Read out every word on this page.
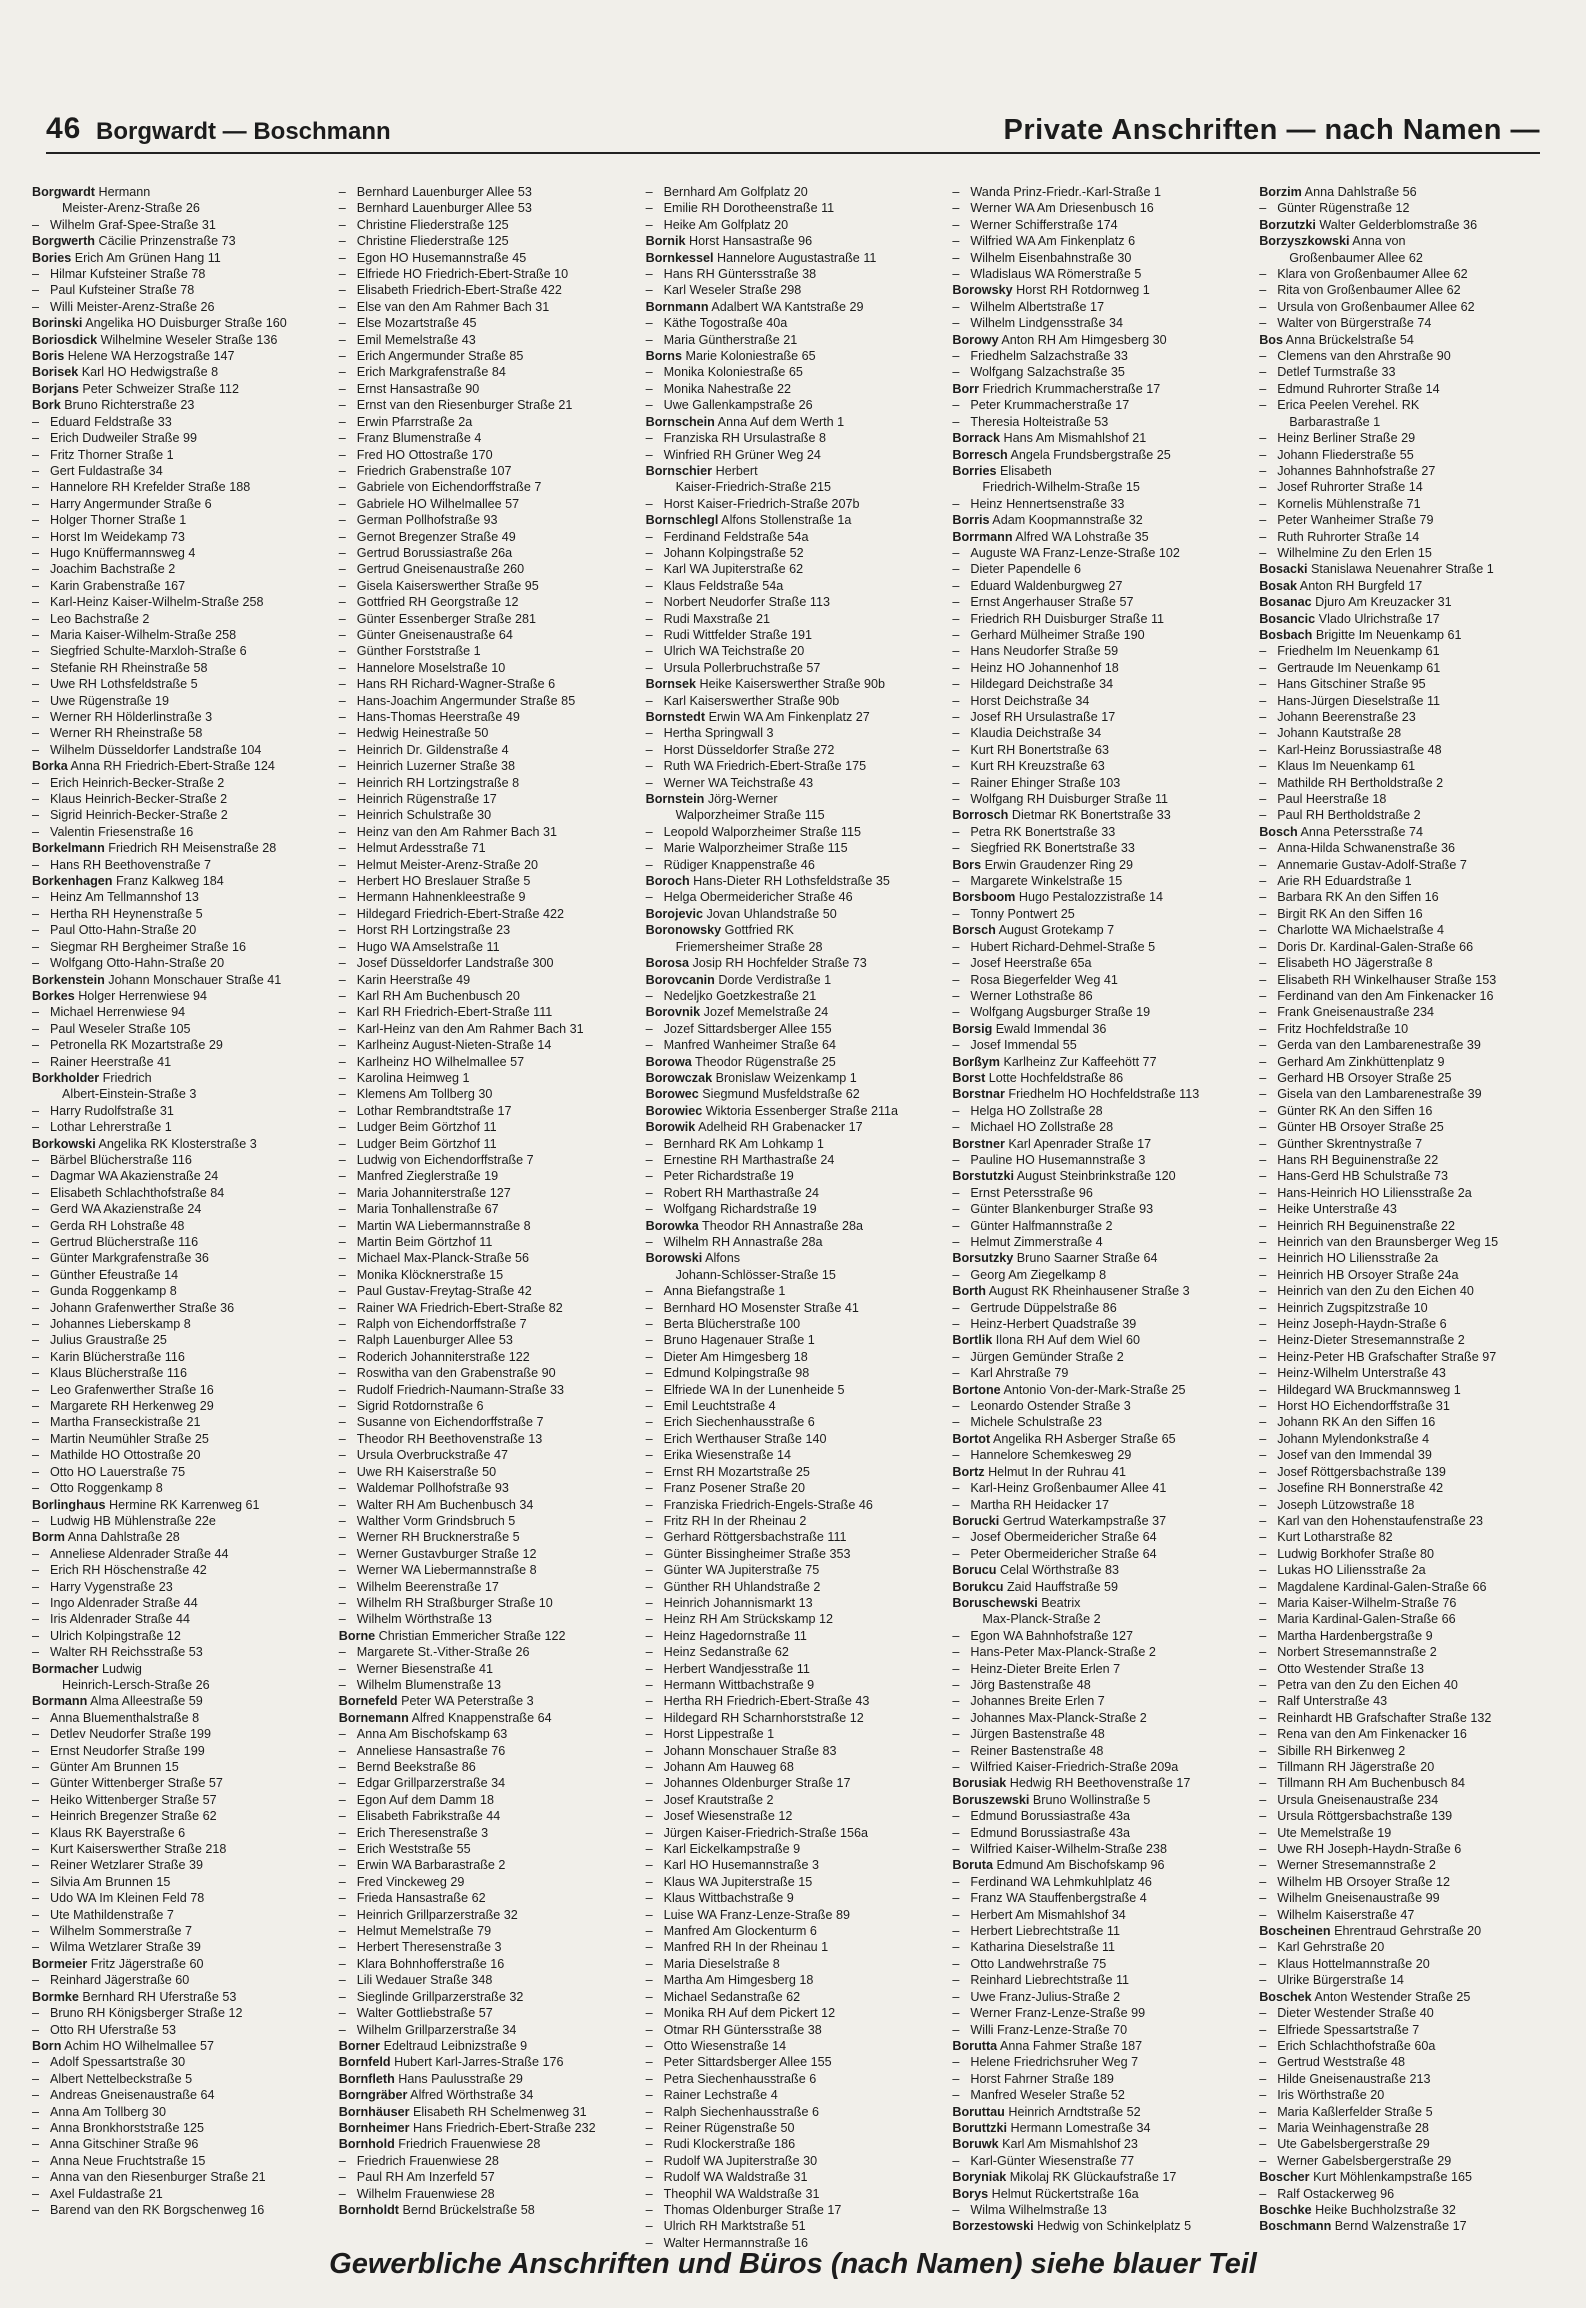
46 Borgwardt — Boschmann	Private Anschriften — nach Namen —
Borgwardt Hermann
Meister-Arenz-Straße 26
– Wilhelm Graf-Spee-Straße 31
Borgwerth Cäcilie Prinzenstraße 73
Bories Erich Am Grünen Hang 11
– Hilmar Kufsteiner Straße 78
– Paul Kufsteiner Straße 78
– Willi Meister-Arenz-Straße 26
Borinski Angelika HO Duisburger Straße 160
Boriosdick Wilhelmine Weseler Straße 136
Boris Helene WA Herzogstraße 147
Borisek Karl HO Hedwigstraße 8
Borjans Peter Schweizer Straße 112
Bork Bruno Richterstraße 23
– Eduard Feldstraße 33
– Erich Dudweiler Straße 99
– Fritz Thorner Straße 1
– Gert Fuldastraße 34
– Hannelore RH Krefelder Straße 188
– Harry Angermunder Straße 6
– Holger Thorner Straße 1
– Horst Im Weidekamp 73
– Hugo Knüffermannsweg 4
– Joachim Bachstraße 2
– Karin Grabenstraße 167
– Karl-Heinz Kaiser-Wilhelm-Straße 258
– Leo Bachstraße 2
– Maria Kaiser-Wilhelm-Straße 258
– Siegfried Schulte-Marxloh-Straße 6
– Stefanie RH Rheinstraße 58
– Uwe RH Lothsfeldstraße 5
– Uwe Rügenstraße 19
– Werner RH Hölderlinstraße 3
– Werner RH Rheinstraße 58
– Wilhelm Düsseldorfer Landstraße 104
Borka Anna RH Friedrich-Ebert-Straße 124
– Erich Heinrich-Becker-Straße 2
– Klaus Heinrich-Becker-Straße 2
– Sigrid Heinrich-Becker-Straße 2
– Valentin Friesenstraße 16
Borkelmann Friedrich RH Meisenstraße 28
– Hans RH Beethovenstraße 7
Borkenhagen Franz Kalkweg 184
– Heinz Am Tellmannshof 13
– Hertha RH Heynenstraße 5
– Paul Otto-Hahn-Straße 20
– Siegmar RH Bergheimer Straße 16
– Wolfgang Otto-Hahn-Straße 20
Borkenstein Johann Monschauer Straße 41
Borkes Holger Herrenwiese 94
– Michael Herrenwiese 94
– Paul Weseler Straße 105
– Petronella RK Mozartstraße 29
– Rainer Heerstraße 41
Borkholder Friedrich
Albert-Einstein-Straße 3
– Harry Rudolfstraße 31
– Lothar Lehrerstraße 1
Borkowski Angelika RK Klosterstraße 3
– Bärbel Blücherstraße 116
– Dagmar WA Akazienstraße 24
– Elisabeth Schlachthofstraße 84
– Gerd WA Akazienstraße 24
– Gerda RH Lohstraße 48
– Gertrud Blücherstraße 116
– Günter Markgrafenstraße 36
– Günther Efeustraße 14
– Gunda Roggenkamp 8
– Johann Grafenwerther Straße 36
– Johannes Lieberskamp 8
– Julius Graustraße 25
– Karin Blücherstraße 116
– Klaus Blücherstraße 116
– Leo Grafenwerther Straße 16
– Margarete RH Herkenweg 29
– Martha Franseckistraße 21
– Martin Neumühler Straße 25
– Mathilde HO Ottostraße 20
– Otto HO Lauerstraße 75
– Otto Roggenkamp 8
Borlinghaus Hermine RK Karrenweg 61
– Ludwig HB Mühlenstraße 22e
Borm Anna Dahlstraße 28
– Anneliese Aldenrader Straße 44
– Erich RH Höschenstraße 42
– Harry Vygenstraße 23
– Ingo Aldenrader Straße 44
– Iris Aldenrader Straße 44
– Ulrich Kolpingstraße 12
– Walter RH Reichsstraße 53
Bormacher Ludwig
Heinrich-Lersch-Straße 26
Bormann Alma Alleestraße 59
– Anna Bluementhalstraße 8
– Detlev Neudorfer Straße 199
– Ernst Neudorfer Straße 199
– Günter Am Brunnen 15
– Günter Wittenberger Straße 57
– Heiko Wittenberger Straße 57
– Heinrich Bregenzer Straße 62
– Klaus RK Bayerstraße 6
– Kurt Kaiserswerther Straße 218
– Reiner Wetzlarer Straße 39
– Silvia Am Brunnen 15
– Udo WA Im Kleinen Feld 78
– Ute Mathildenstraße 7
– Wilhelm Sommerstraße 7
– Wilma Wetzlarer Straße 39
Bormeier Fritz Jägerstraße 60
– Reinhard Jägerstraße 60
Bormke Bernhard RH Uferstraße 53
– Bruno RH Königsberger Straße 12
– Otto RH Uferstraße 53
Born Achim HO Wilhelmallee 57
– Adolf Spessartstraße 30
– Albert Nettelbeckstraße 5
– Andreas Gneisenaustraße 64
– Anna Am Tollberg 30
– Anna Bronkhorststraße 125
– Anna Gitschiner Straße 96
– Anna Neue Fruchtstraße 15
– Anna van den Riesenburger Straße 21
– Axel Fuldastraße 21
– Barend van den RK Borgschenweg 16
– Bernhard Lauenburger Allee 53
– Bernhard Lauenburger Allee 53
– Christine Fliederstraße 125
– Christine Fliederstraße 125
– Egon HO Husemannstraße 45
– Elfriede HO Friedrich-Ebert-Straße 10
– Elisabeth Friedrich-Ebert-Straße 422
– Else van den Am Rahmer Bach 31
– Else Mozartstraße 45
– Emil Memelstraße 43
– Erich Angermunder Straße 85
– Erich Markgrafenstraße 84
– Ernst Hansastraße 90
– Ernst van den Riesenburger Straße 21
– Erwin Pfarrstraße 2a
– Franz Blumenstraße 4
– Fred HO Ottostraße 170
– Friedrich Grabenstraße 107
– Gabriele von Eichendorffstraße 7
– Gabriele HO Wilhelmallee 57
– German Pollhofstraße 93
– Gernot Bregenzer Straße 49
– Gertrud Borussiastraße 26a
– Gertrud Gneisenaustraße 260
– Gisela Kaiserswerther Straße 95
– Gottfried RH Georgstraße 12
– Günter Essenberger Straße 281
– Günter Gneisenaustraße 64
– Günther Forststraße 1
– Hannelore Moselstraße 10
– Hans RH Richard-Wagner-Straße 6
– Hans-Joachim Angermunder Straße 85
– Hans-Thomas Heerstraße 49
– Hedwig Heinestraße 50
– Heinrich Dr. Gildenstraße 4
– Heinrich Luzerner Straße 38
– Heinrich RH Lortzingstraße 8
– Heinrich Rügenstraße 17
– Heinrich Schulstraße 30
– Heinz van den Am Rahmer Bach 31
– Helmut Ardesstraße 71
– Helmut Meister-Arenz-Straße 20
– Herbert HO Breslauer Straße 5
– Hermann Hahnenkleestraße 9
– Hildegard Friedrich-Ebert-Straße 422
– Horst RH Lortzingstraße 23
– Hugo WA Amselstraße 11
– Josef Düsseldorfer Landstraße 300
– Karin Heerstraße 49
– Karl RH Am Buchenbusch 20
– Karl RH Friedrich-Ebert-Straße 111
– Karl-Heinz van den Am Rahmer Bach 31
– Karlheinz August-Nieten-Straße 14
– Karlheinz HO Wilhelmallee 57
– Karolina Heimweg 1
– Klemens Am Tollberg 30
– Lothar Rembrandtstraße 17
– Ludger Beim Görtzhof 11
– Ludger Beim Görtzhof 11
– Ludwig von Eichendorffstraße 7
– Manfred Zieglerstraße 19
– Maria Johanniterstraße 127
– Maria Tonhallenstraße 67
– Martin WA Liebermannstraße 8
– Martin Beim Görtzhof 11
– Michael Max-Planck-Straße 56
– Monika Klöcknerstraße 15
– Paul Gustav-Freytag-Straße 42
– Rainer WA Friedrich-Ebert-Straße 82
– Ralph von Eichendorffstraße 7
– Ralph Lauenburger Allee 53
– Roderich Johanniterstraße 122
– Roswitha van den Grabenstraße 90
– Rudolf Friedrich-Naumann-Straße 33
– Sigrid Rotdornstraße 6
– Susanne von Eichendorffstraße 7
– Theodor RH Beethovenstraße 13
– Ursula Overbruckstraße 47
– Uwe RH Kaiserstraße 50
– Waldemar Pollhofstraße 93
– Walter RH Am Buchenbusch 34
– Walther Vorm Grindsbruch 5
– Werner RH Brucknerstraße 5
– Werner Gustavburger Straße 12
– Werner WA Liebermannstraße 8
– Wilhelm Beerenstraße 17
– Wilhelm RH Straßburger Straße 10
– Wilhelm Wörthstraße 13
Borne Christian Emmericher Straße 122
– Margarete St.-Vither-Straße 26
– Werner Biesenstraße 41
– Wilhelm Blumenstraße 13
Bornefeld Peter WA Peterstraße 3
Bornemann Alfred Knappenstraße 64
– Anna Am Bischofskamp 63
– Anneliese Hansastraße 76
– Bernd Beekstraße 86
– Edgar Grillparzerstraße 34
– Egon Auf dem Damm 18
– Elisabeth Fabrikstraße 44
– Erich Theresenstraße 3
– Erich Weststraße 55
– Erwin WA Barbarastraße 2
– Fred Vinckeweg 29
– Frieda Hansastraße 62
– Heinrich Grillparzerstraße 32
– Helmut Memelstraße 79
– Herbert Theresenstraße 3
– Klara Bohnhofferstraße 16
– Lili Wedauer Straße 348
– Sieglinde Grillparzerstraße 32
– Walter Gottliebstraße 57
– Wilhelm Grillparzerstraße 34
Borner Edeltraud Leibnizstraße 9
Bornfeld Hubert Karl-Jarres-Straße 176
Bornfleth Hans Paulusstraße 29
Borngräber Alfred Wörthstraße 34
Bornhäuser Elisabeth RH Schelmenweg 31
Bornheimer Hans Friedrich-Ebert-Straße 232
Bornhold Friedrich Frauenwiese 28
– Friedrich Frauenwiese 28
– Paul RH Am Inzerfeld 57
– Wilhelm Frauenwiese 28
Bornholdt Bernd Brückelstraße 58
– Bernhard Am Golfplatz 20
– Emilie RH Dorotheenstraße 11
– Heike Am Golfplatz 20
Bornik Horst Hansastraße 96
Bornkessel Hannelore Augustastraße 11
– Hans RH Güntersstraße 38
– Karl Weseler Straße 298
Bornmann Adalbert WA Kantstraße 29
– Käthe Togostraße 40a
– Maria Güntherstraße 21
Borns Marie Koloniestraße 65
– Monika Koloniestraße 65
– Monika Nahestraße 22
– Uwe Gallenkampstraße 26
Bornschein Anna Auf dem Werth 1
– Franziska RH Ursulastraße 8
– Winfried RH Grüner Weg 24
Bornschier Herbert
Kaiser-Friedrich-Straße 215
– Horst Kaiser-Friedrich-Straße 207b
Bornschlegl Alfons Stollenstraße 1a
– Ferdinand Feldstraße 54a
– Johann Kolpingstraße 52
– Karl WA Jupiterstraße 62
– Klaus Feldstraße 54a
– Norbert Neudorfer Straße 113
– Rudi Maxstraße 21
– Rudi Wittfelder Straße 191
– Ulrich WA Teichstraße 20
– Ursula Pollerbruchstraße 57
Bornsek Heike Kaiserswerther Straße 90b
– Karl Kaiserswerther Straße 90b
Bornstedt Erwin WA Am Finkenplatz 27
– Hertha Springwall 3
– Horst Düsseldorfer Straße 272
– Ruth WA Friedrich-Ebert-Straße 175
– Werner WA Teichstraße 43
Bornstein Jörg-Werner
Walporzheimer Straße 115
– Leopold Walporzheimer Straße 115
– Marie Walporzheimer Straße 115
– Rüdiger Knappenstraße 46
Boroch Hans-Dieter RH Lothsfeldstraße 35
– Helga Obermeidericher Straße 46
Borojevic Jovan Uhlandstraße 50
Boronowsky Gottfried RK
Friemersheimer Straße 28
Borosa Josip RH Hochfelder Straße 73
Borovcanin Dorde Verdistraße 1
– Nedeljko Goetzkestraße 21
Borovnik Jozef Memelstraße 24
– Jozef Sittardsberger Allee 155
– Manfred Wanheimer Straße 64
Borowa Theodor Rügenstraße 25
Borowczak Bronislaw Weizenkamp 1
Borowec Siegmund Musfeldstraße 62
Borowiec Wiktoria Essenberger Straße 211a
Borowik Adelheid RH Grabenacker 17
– Bernhard RK Am Lohkamp 1
– Ernestine RH Marthastraße 24
– Peter Richardstraße 19
– Robert RH Marthastraße 24
– Wolfgang Richardstraße 19
Borowka Theodor RH Annastraße 28a
– Wilhelm RH Annastraße 28a
Borowski Alfons
Johann-Schlösser-Straße 15
– Anna Biefangstraße 1
– Bernhard HO Mosenster Straße 41
– Berta Blücherstraße 100
– Bruno Hagenauer Straße 1
– Dieter Am Himgesberg 18
– Edmund Kolpingstraße 98
– Elfriede WA In der Lunenheide 5
– Emil Leuchtstraße 4
– Erich Siechenhausstraße 6
– Erich Werthauser Straße 140
– Erika Wiesenstraße 14
– Ernst RH Mozartstraße 25
– Franz Posener Straße 20
– Franziska Friedrich-Engels-Straße 46
– Fritz RH In der Rheinau 2
– Gerhard Röttgersbachstraße 111
– Günter Bissingheimer Straße 353
– Günter WA Jupiterstraße 75
– Günther RH Uhlandstraße 2
– Heinrich Johannismarkt 13
– Heinz RH Am Strückskamp 12
– Heinz Hagedornstraße 11
– Heinz Sedanstraße 62
– Herbert Wandjesstraße 11
– Hermann Wittbachstraße 9
– Hertha RH Friedrich-Ebert-Straße 43
– Hildegard RH Scharnhorststraße 12
– Horst Lippestraße 1
– Johann Monschauer Straße 83
– Johann Am Hauweg 68
– Johannes Oldenburger Straße 17
– Josef Krautstraße 2
– Josef Wiesenstraße 12
– Jürgen Kaiser-Friedrich-Straße 156a
– Karl Eickelkampstraße 9
– Karl HO Husemannstraße 3
– Klaus WA Jupiterstraße 15
– Klaus Wittbachstraße 9
– Luise WA Franz-Lenze-Straße 89
– Manfred Am Glockenturm 6
– Manfred RH In der Rheinau 1
– Maria Dieselstraße 8
– Martha Am Himgesberg 18
– Michael Sedanstraße 62
– Monika RH Auf dem Pickert 12
– Otmar RH Güntersstraße 38
– Otto Wiesenstraße 14
– Peter Sittardsberger Allee 155
– Petra Siechenhausstraße 6
– Rainer Lechstraße 4
– Ralph Siechenhausstraße 6
– Reiner Rügenstraße 50
– Rudi Klockerstraße 186
– Rudolf WA Jupiterstraße 30
– Rudolf WA Waldstraße 31
– Theophil WA Waldstraße 31
– Thomas Oldenburger Straße 17
– Ulrich RH Marktstraße 51
– Walter Hermannstraße 16
– Wanda Prinz-Friedr.-Karl-Straße 1
– Werner WA Am Driesenbusch 16
– Werner Schifferstraße 174
– Wilfried WA Am Finkenplatz 6
– Wilhelm Eisenbahnstraße 30
– Wladislaus WA Römerstraße 5
Borowsky Horst RH Rotdornweg 1
– Wilhelm Albertstraße 17
– Wilhelm Lindgensstraße 34
Borowy Anton RH Am Himgesberg 30
– Friedhelm Salzachstraße 33
– Wolfgang Salzachstraße 35
Borr Friedrich Krummacherstraße 17
– Peter Krummacherstraße 17
– Theresia Holteistraße 53
Borrack Hans Am Mismahlshof 21
Borresch Angela Frundsbergstraße 25
Borries Elisabeth
Friedrich-Wilhelm-Straße 15
– Heinz Hennertsenstraße 33
Borris Adam Koopmannstraße 32
Borrmann Alfred WA Lohstraße 35
– Auguste WA Franz-Lenze-Straße 102
– Dieter Papendelle 6
– Eduard Waldenburgweg 27
– Ernst Angerhauser Straße 57
– Friedrich RH Duisburger Straße 11
– Gerhard Mülheimer Straße 190
– Hans Neudorfer Straße 59
– Heinz HO Johannenhof 18
– Hildegard Deichstraße 34
– Horst Deichstraße 34
– Josef RH Ursulastraße 17
– Klaudia Deichstraße 34
– Kurt RH Bonertstraße 63
– Kurt RH Kreuzstraße 63
– Rainer Ehinger Straße 103
– Wolfgang RH Duisburger Straße 11
Borrosch Dietmar RK Bonertstraße 33
– Petra RK Bonertstraße 33
– Siegfried RK Bonertstraße 33
Bors Erwin Graudenzer Ring 29
– Margarete Winkelstraße 15
Borsboom Hugo Pestalozzistraße 14
– Tonny Pontwert 25
Borsch August Grotekamp 7
– Hubert Richard-Dehmel-Straße 5
– Josef Heerstraße 65a
– Rosa Biegerfelder Weg 41
– Werner Lothstraße 86
– Wolfgang Augsburger Straße 19
Borsig Ewald Immendal 36
– Josef Immendal 55
Borßym Karlheinz Zur Kaffeehött 77
Borst Lotte Hochfeldstraße 86
Borstnar Friedhelm HO Hochfeldstraße 113
– Helga HO Zollstraße 28
– Michael HO Zollstraße 28
Borstner Karl Apenrader Straße 17
– Pauline HO Husemannstraße 3
Borstutzki August Steinbrinkstraße 120
– Ernst Petersstraße 96
– Günter Blankenburger Straße 93
– Günter Halfmannstraße 2
– Helmut Zimmerstraße 4
Borsutzky Bruno Saarner Straße 64
– Georg Am Ziegelkamp 8
Borth August RK Rheinhausener Straße 3
– Gertrude Düppelstraße 86
– Heinz-Herbert Quadstraße 39
Bortlik Ilona RH Auf dem Wiel 60
– Jürgen Gemünder Straße 2
– Karl Ahrstraße 79
Bortone Antonio Von-der-Mark-Straße 25
– Leonardo Ostender Straße 3
– Michele Schulstraße 23
Bortot Angelika RH Asberger Straße 65
– Hannelore Schemkesweg 29
Bortz Helmut In der Ruhrau 41
– Karl-Heinz Großenbaumer Allee 41
– Martha RH Heidacker 17
Borucki Gertrud Waterkampstraße 37
– Josef Obermeidericher Straße 64
– Peter Obermeidericher Straße 64
Borucu Celal Wörthstraße 83
Borukcu Zaid Hauffstraße 59
Boruschewski Beatrix
Max-Planck-Straße 2
– Egon WA Bahnhofstraße 127
– Hans-Peter Max-Planck-Straße 2
– Heinz-Dieter Breite Erlen 7
– Jörg Bastenstraße 48
– Johannes Breite Erlen 7
– Johannes Max-Planck-Straße 2
– Jürgen Bastenstraße 48
– Reiner Bastenstraße 48
– Wilfried Kaiser-Friedrich-Straße 209a
Borusiak Hedwig RH Beethovenstraße 17
Boruszewski Bruno Wollinstraße 5
– Edmund Borussiastraße 43a
– Edmund Borussiastraße 43a
– Wilfried Kaiser-Wilhelm-Straße 238
Boruta Edmund Am Bischofskamp 96
– Ferdinand WA Lehmkuhlplatz 46
– Franz WA Stauffenbergstraße 4
– Herbert Am Mismahlshof 34
– Herbert Liebrechtstraße 11
– Katharina Dieselstraße 11
– Otto Landwehrstraße 75
– Reinhard Liebrechtstraße 11
– Uwe Franz-Julius-Straße 2
– Werner Franz-Lenze-Straße 99
– Willi Franz-Lenze-Straße 70
Borutta Anna Fahmer Straße 187
– Helene Friedrichsruher Weg 7
– Horst Fahrner Straße 189
– Manfred Weseler Straße 52
Boruttau Heinrich Arndtstraße 52
Boruttzki Hermann Lomestraße 34
Boruwk Karl Am Mismahlshof 23
– Karl-Günter Wiesenstraße 77
Boryniak Mikolaj RK Glückaufstraße 17
Borys Helmut Rückertstraße 16a
– Wilma Wilhelmstraße 13
Borzestowski Hedwig von Schinkelplatz 5
Borzim Anna Dahlstraße 56
– Günter Rügenstraße 12
Borzutzki Walter Gelderblomstraße 36
Borzyszkowski Anna von
Großenbaumer Allee 62
– Klara von Großenbaumer Allee 62
– Rita von Großenbaumer Allee 62
– Ursula von Großenbaumer Allee 62
– Walter von Bürgerstraße 74
Bos Anna Brückelstraße 54
– Clemens van den Ahrstraße 90
– Detlef Turmstraße 33
– Edmund Ruhrorter Straße 14
– Erica Peelen Verehel. RK
Barbarastraße 1
– Heinz Berliner Straße 29
– Johann Fliederstraße 55
– Johannes Bahnhofstraße 27
– Josef Ruhrorter Straße 14
– Kornelis Mühlenstraße 71
– Peter Wanheimer Straße 79
– Ruth Ruhrorter Straße 14
– Wilhelmine Zu den Erlen 15
Bosacki Stanislawa Neuenahrer Straße 1
Bosak Anton RH Burgfeld 17
Bosanac Djuro Am Kreuzacker 31
Bosancic Vlado Ulrichstraße 17
Bosbach Brigitte Im Neuenkamp 61
– Friedhelm Im Neuenkamp 61
– Gertraude Im Neuenkamp 61
– Hans Gitschiner Straße 95
– Hans-Jürgen Dieselstraße 11
– Johann Beerenstraße 23
– Johann Kautstraße 28
– Karl-Heinz Borussiastraße 48
– Klaus Im Neuenkamp 61
– Mathilde RH Bertholdstraße 2
– Paul Heerstraße 18
– Paul RH Bertholdstraße 2
Bosch Anna Petersstraße 74
– Anna-Hilda Schwanenstraße 36
– Annemarie Gustav-Adolf-Straße 7
– Arie RH Eduardstraße 1
– Barbara RK An den Siffen 16
– Birgit RK An den Siffen 16
– Charlotte WA Michaelstraße 4
– Doris Dr. Kardinal-Galen-Straße 66
– Elisabeth HO Jägerstraße 8
– Elisabeth RH Winkelhauser Straße 153
– Ferdinand van den Am Finkenacker 16
– Frank Gneisenaustraße 234
– Fritz Hochfeldstraße 10
– Gerda van den Lambarenestraße 39
– Gerhard Am Zinkhüttenplatz 9
– Gerhard HB Orsoyer Straße 25
– Gisela van den Lambarenestraße 39
– Günter RK An den Siffen 16
– Günter HB Orsoyer Straße 25
– Günther Skrentnystraße 7
– Hans RH Beguinenstraße 22
– Hans-Gerd HB Schulstraße 73
– Hans-Heinrich HO Liliensstraße 2a
– Heike Unterstraße 43
– Heinrich RH Beguinenstraße 22
– Heinrich van den Braunsberger Weg 15
– Heinrich HO Liliensstraße 2a
– Heinrich HB Orsoyer Straße 24a
– Heinrich van den Zu den Eichen 40
– Heinrich Zugspitzstraße 10
– Heinz Joseph-Haydn-Straße 6
– Heinz-Dieter Stresemannstraße 2
– Heinz-Peter HB Grafschafter Straße 97
– Heinz-Wilhelm Unterstraße 43
– Hildegard WA Bruckmannsweg 1
– Horst HO Eichendorffstraße 31
– Johann RK An den Siffen 16
– Johann Mylendonkstraße 4
– Josef van den Immendal 39
– Josef Röttgersbachstraße 139
– Josefine RH Bonnerstraße 42
– Joseph Lützowstraße 18
– Karl van den Hohenstaufenstraße 23
– Kurt Lotharstraße 82
– Ludwig Borkhofer Straße 80
– Lukas HO Liliensstraße 2a
– Magdalene Kardinal-Galen-Straße 66
– Maria Kaiser-Wilhelm-Straße 76
– Maria Kardinal-Galen-Straße 66
– Martha Hardenbergstraße 9
– Norbert Stresemannstraße 2
– Otto Westender Straße 13
– Petra van den Zu den Eichen 40
– Ralf Unterstraße 43
– Reinhardt HB Grafschafter Straße 132
– Rena van den Am Finkenacker 16
– Sibille RH Birkenweg 2
– Tillmann RH Jägerstraße 20
– Tillmann RH Am Buchenbusch 84
– Ursula Gneisenaustraße 234
– Ursula Röttgersbachstraße 139
– Ute Memelstraße 19
– Uwe RH Joseph-Haydn-Straße 6
– Werner Stresemannstraße 2
– Wilhelm HB Orsoyer Straße 12
– Wilhelm Gneisenaustraße 99
– Wilhelm Kaiserstraße 47
Boscheinen Ehrentraud Gehrstraße 20
– Karl Gehrstraße 20
– Klaus Hottelmannstraße 20
– Ulrike Bürgerstraße 14
Boschek Anton Westender Straße 25
– Dieter Westender Straße 40
– Elfriede Spessartstraße 7
– Erich Schlachthofstraße 60a
– Gertrud Weststraße 48
– Hilde Gneisenaustraße 213
– Iris Wörthstraße 20
– Maria Kaßlerfelder Straße 5
– Maria Weinhagenstraße 28
– Ute Gabelsbergerstraße 29
– Werner Gabelsbergerstraße 29
Boscher Kurt Möhlenkampstraße 165
– Ralf Ostackerweg 96
Boschke Heike Buchholzstraße 32
Boschmann Bernd Walzenstraße 17
Gewerbliche Anschriften und Büros (nach Namen) siehe blauer Teil
